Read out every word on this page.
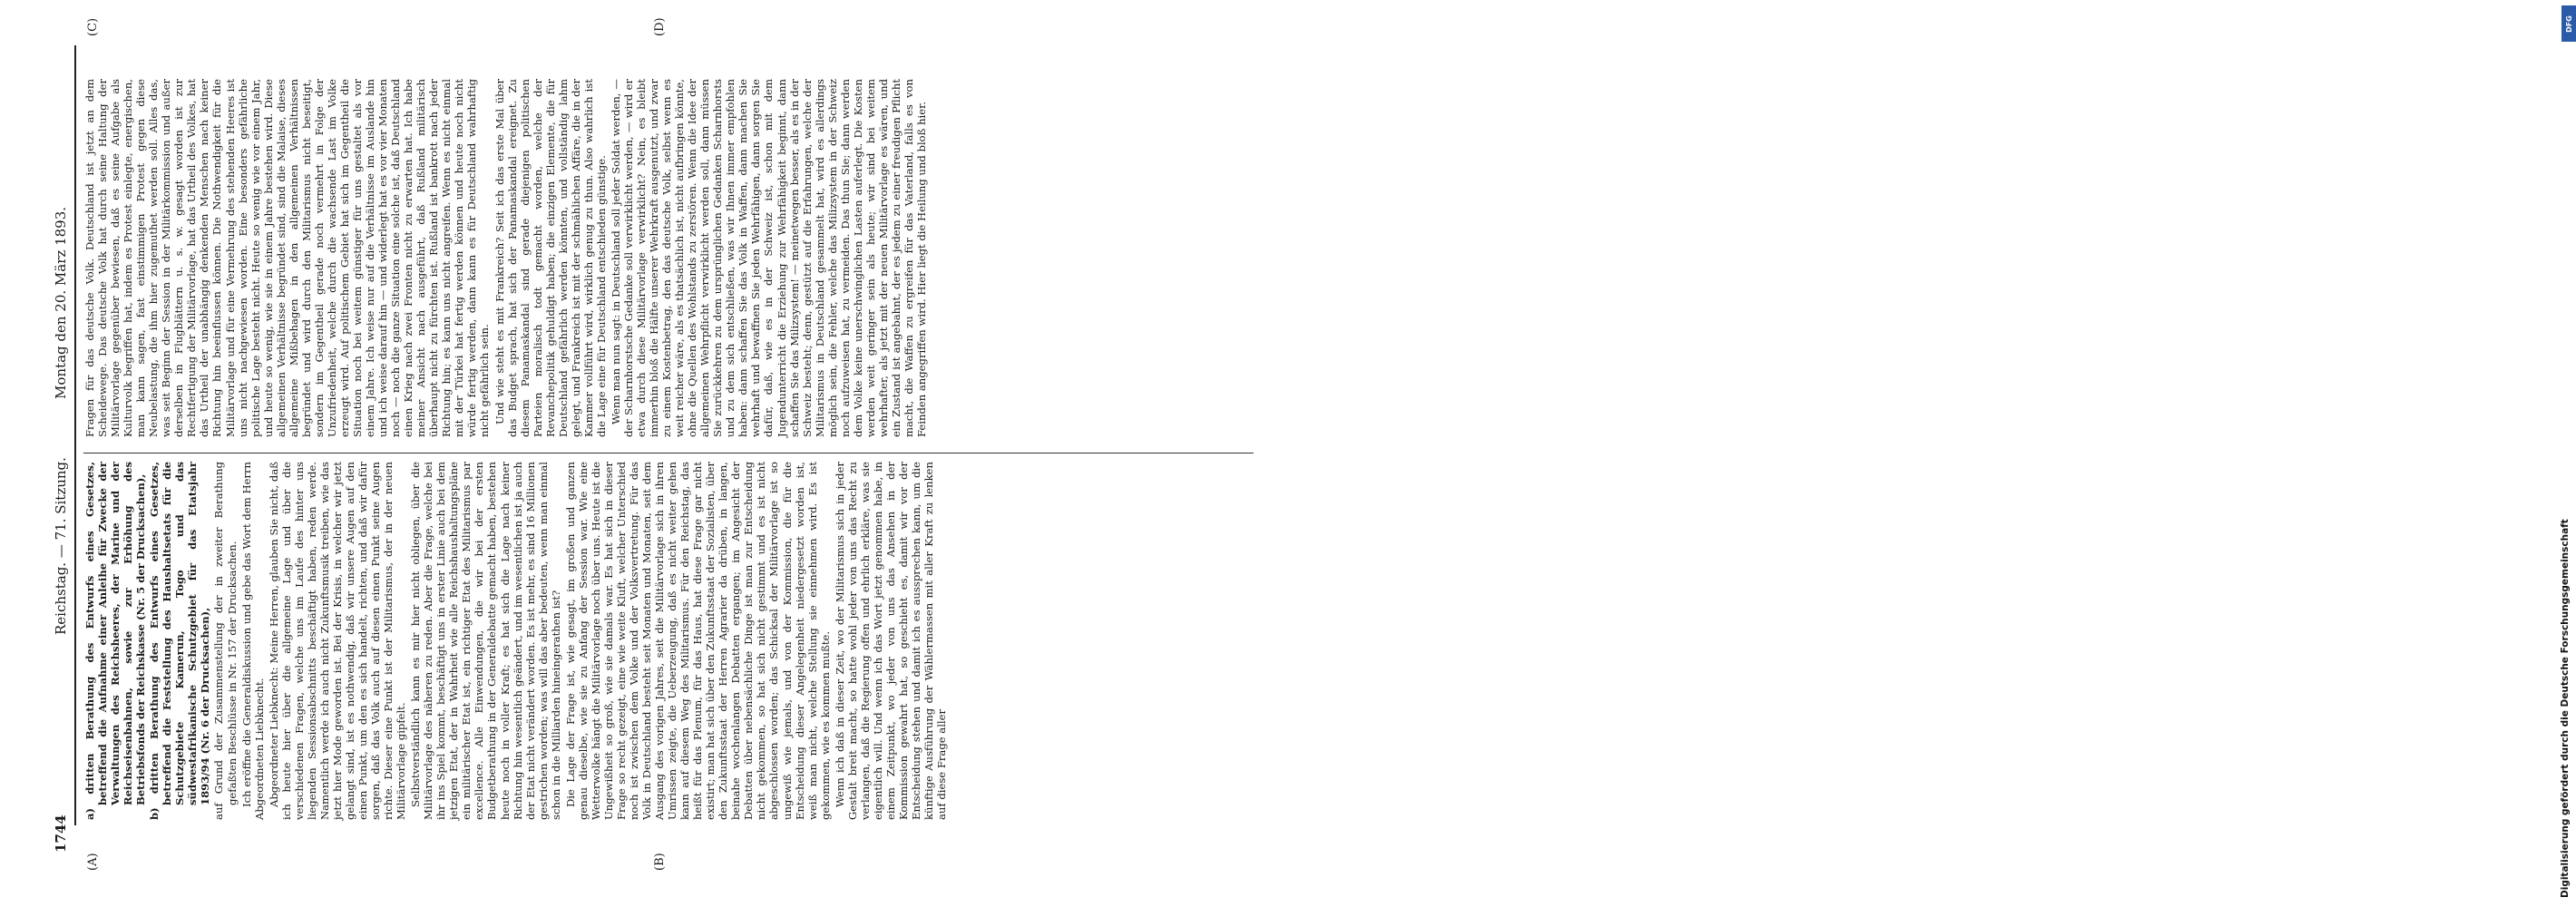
DFG
Digitalisierung gefördert durch die Deutsche Forschungsgemeinschaft
1744
Reichstag. — 71. Sitzung.
Montag den 20. März 1893.
(A)	(B)
(C)	(D)
a) dritten Berathung des Entwurfs eines Gesetzes, betreffend die Aufnahme einer Anleihe für Zwecke der Verwaltungen des Reichsheeres, der Marine und der Reichseisenbahnen, sowie zur Erhöhung des Betriebsfonds der Reichskasse (Nr. 5 der Drucksachen), b) dritten Berathung des Entwurfs eines Gesetzes, betreffend die Feststellung des Haushaltsetats für die Schutzgebiete Kamerun, Togo und das südwestafrikanische Schutzgebiet für das Etatsjahr 1893/94 (Nr. 6 der Drucksachen), auf Grund der Zusammenstellung der in zweiter Berathung gefaßten Beschlüsse in Nr. 157 der Drucksachen. Ich eröffne die Generaldiskussion und gebe das Wort dem Herrn Abgeordneten Liebknecht. Abgeordneter Liebknecht: Meine Herren, glauben Sie nicht, daß ich heute hier über die allgemeine Lage und über die verschiedenen Fragen, welche uns im Laufe des hinter uns liegenden Sessionsabschnitts beschäftigt haben, reden werde. Namentlich werde ich auch nicht Zukunftsmusik treiben, wie das jetzt hier Mode geworden ist. Bei der Krisis, in welcher wir jetzt gelangt sind, ist es nothwendig, daß wir unsere Augen auf den einen Punkt, um den es sich handelt, richten, und daß wir dafür sorgen, daß das Volk auch auf diesen einen Punkt seine Augen richte. Dieser eine Punkt ist der Militarismus, der in der neuen Militärvorlage gipfelt. Selbstverständlich kann es mir hier nicht obliegen, über die Militärvorlage des näheren zu reden. Aber die Frage, welche bei ihr ins Spiel kommt, beschäftigt uns in erster Linie auch bei dem jetzigen Etat, der in Wahrheit wie alle Reichshaushaltungspläne ein militärischer Etat ist, ein richtiger Etat des Militarismus par excellence. Alle Einwendungen, die wir bei der ersten Budgetberathung in der Generaldebatte gemacht haben, bestehen heute noch in voller Kraft; es hat sich die Lage nach keiner Richtung hin wesentlich geändert, und im wesentlichen ist ja auch der Etat nicht verändert worden. Es ist mehr, es sind 16 Millionen gestrichen worden; was will das aber bedeuten, wenn man einmal schon in die Milliarden hineingerathen ist? Die Lage der Frage ist, wie gesagt, im großen und ganzen genau dieselbe, wie sie zu Anfang der Session war. Wie eine Wetterwolke hängt die Militärvorlage noch über uns. Heute ist die Ungewißheit so groß, wie sie damals war. Es hat sich in dieser Frage so recht gezeigt, eine wie weite Kluft, welcher Unterschied noch ist zwischen dem Volke und der Volksvertretung. Für das Volk in Deutschland besteht seit Monaten und Monaten, seit dem Ausgang des vorigen Jahres, seit die Militärvorlage sich in ihren Umrissen zeigte, die Ueberzeugung, daß es nicht weiter gehen kann auf diesem Weg des Militarismus. Für den Reichstag, das heißt für das Plenum, für das Haus, hat diese Frage gar nicht existirt; man hat sich über den Zukunftsstaat der Sozialisten, über den Zukunftsstaat der Herren Agrarier da drüben, in langen, beinahe wochenlangen Debatten ergangen; im Angesicht der Debatten über nebensächliche Dinge ist man zur Entscheidung nicht gekommen, so hat sich nicht gestimmt und es ist nicht abgeschlossen worden; das Schicksal der Militärvorlage ist so ungewiß wie jemals, und von der Kommission, die für die Entscheidung dieser Angelegenheit niedergesetzt worden ist, weiß man nicht, welche Stellung sie einnehmen wird. Es ist gekommen, wie es kommen mußte. Wenn ich daß in dieser Zeit, wo der Militarismus sich in jeder Gestalt breit macht, so hatte wohl jeder von uns das Recht zu verlangen, daß die Regierung offen und ehrlich erkläre, was sie eigentlich will. Und wenn ich das Wort jetzt genommen habe, in einem Zeitpunkt, wo jeder von uns das Ansehen in der Kommission gewahrt hat, so geschieht es, damit wir vor der Entscheidung stehen und damit ich es aussprechen kann, um die künftige Ausführung der Wählermassen mit aller Kraft zu lenken auf diese Frage aller

Fragen für das deutsche Volk. Deutschland ist jetzt an dem Scheidewege. Das deutsche Volk hat durch seine Haltung der Militärvorlage gegenüber bewiesen, daß es seine Aufgabe als Kulturvolk begriffen hat, indem es Protest einlegte, energischen, man kann sagen, fast einstimmigen Protest gegen diese Neubelastung, die ihm hier zugemuthet werden soll. Alles das, was seit Beginn der Session in der Militärkommission und außer derselben in Flugblättern u. s. w. gesagt worden ist zur Rechtfertigung der Militärvorlage, hat das Urtheil des Volkes, hat das Urtheil der unabhängig denkenden Menschen nach keiner Richtung hin beeinflussen können. Die Nothwendigkeit für die Militärvorlage und für eine Vermehrung des stehenden Heeres ist uns nicht nachgewiesen worden. Eine besonders gefährliche politische Lage besteht nicht. Heute so wenig wie vor einem Jahr, und heute so wenig, wie sie in einem Jahre bestehen wird. Diese allgemeinen Verhältnisse begründet sind, sind die Malaise, dieses allgemeine Mißbehagen in den allgemeinen Verhältnissen begründet und wird durch den Militarismus nicht beseitigt, sondern im Gegentheil gerade noch vermehrt in Folge der Unzufriedenheit, welche durch die wachsende Last im Volke erzeugt wird. Auf politischem Gebiet hat sich im Gegentheil die Situation noch bei weitem günstiger für uns gestaltet als vor einem Jahre. Ich weise nur auf die Verhältnisse im Auslande hin und ich weise darauf hin — und widerlegt hat es vor vier Monaten noch — noch die ganze Situation eine solche ist, daß Deutschland einen Krieg nach zwei Fronten nicht zu erwarten hat. Ich habe meiner Ansicht nach ausgeführt, daß Rußland militärisch überhaupt nicht zu fürchten ist. Rußland ist bankrott nach jeder Richtung hin; es kann uns nicht angreifen. Wenn es nicht einmal mit der Türkei hat fertig werden können und heute noch nicht würde fertig werden, dann kann es für Deutschland wahrhaftig nicht gefährlich sein. Und wie steht es mit Frankreich? Seit ich das erste Mal über das Budget sprach, hat sich der Panamaskandal ereignet. Zu diesem Panamaskandal sind gerade diejenigen politischen Parteien moralisch todt gemacht worden, welche der Revanchepolitik gehuldigt haben; die einzigen Elemente, die für Deutschland gefährlich werden könnten, und vollständig lahm gelegt, und Frankreich ist mit der schmählichen Affäre, die in der Kammer vollführt wird, wirklich genug zu thun. Also wahrlich ist die Lage eine für Deutschland entschieden günstige. Wenn man nun sagt: in Deutschland soll jeder Soldat werden, — der Scharnhorstsche Gedanke soll verwirklicht werden, — wird er etwa durch diese Militärvorlage verwirklicht? Nein, es bleibt immerhin bloß die Hälfte unserer Wehrkraft ausgenutzt, und zwar zu einem Kostenbetrag, den das deutsche Volk, selbst wenn es weit reicher wäre, als es thatsächlich ist, nicht aufbringen könnte, ohne die Quellen des Wohlstands zu zerstören. Wenn die Idee der allgemeinen Wehrpflicht verwirklicht werden soll, dann müssen Sie zurückkehren zu dem ursprünglichen Gedanken Scharnhorsts und zu dem sich entschließen, was wir Ihnen immer empfohlen haben: dann schaffen Sie das Volk in Waffen, dann machen Sie wehrhaft und bewaffnen Sie jeden Wehrfähigen, dann sorgen Sie dafür, daß, wie es in der Schweiz ist, schon mit dem Jugendunterricht die Erziehung zur Wehrfähigkeit beginnt, dann schaffen Sie das Milizsystem! — meinetwegen besser, als es in der Schweiz besteht; denn, gestützt auf die Erfahrungen, welche der Militarismus in Deutschland gesammelt hat, wird es allerdings möglich sein, die Fehler, welche das Milizsystem in der Schweiz noch aufzuweisen hat, zu vermeiden. Das thun Sie; dann werden dem Volke keine unerschwinglichen Lasten auferlegt. Die Kosten werden weit geringer sein als heute; wir sind bei weitem wehrhafter, als jetzt mit der neuen Militärvorlage es wären, und ein Zustand ist angebahnt, der es jedem zu einer freudigen Pflicht macht, die Waffen zu ergreifen für das Vaterland, falls es von Feinden angegriffen wird. Hier liegt die Heilung und bloß hier.
